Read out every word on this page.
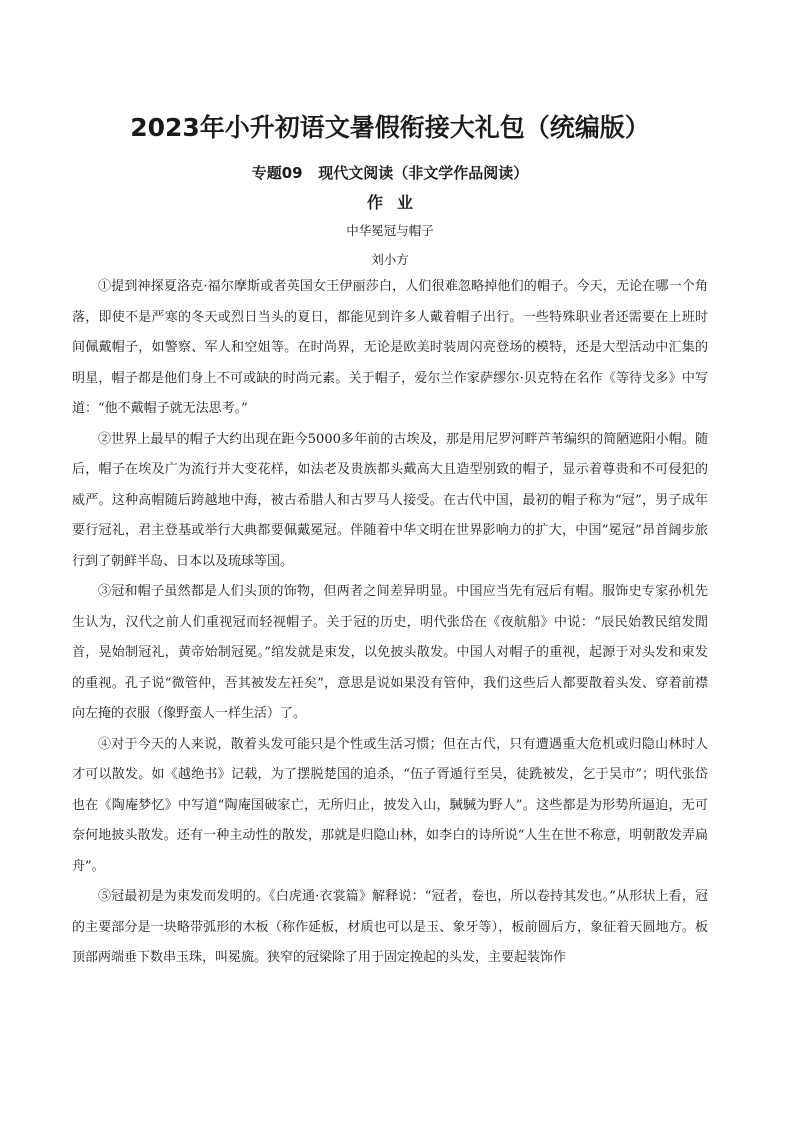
2023年小升初语文暑假衔接大礼包（统编版）
专题09   现代文阅读（非文学作品阅读）
作业
中华冕冠与帽子
刘小方

①提到神探夏洛克·福尔摩斯或者英国女王伊丽莎白，人们很难忽略掉他们的帽子。今天，无论在哪一个角落，即使不是严寒的冬天或烈日当头的夏日，都能见到许多人戴着帽子出行。一些特殊职业者还需要在上班时间佩戴帽子，如警察、军人和空姐等。在时尚界，无论是欧美时装周闪亮登场的模特，还是大型活动中汇集的明星，帽子都是他们身上不可或缺的时尚元素。关于帽子，爱尔兰作家萨缪尔·贝克特在名作《等待戈多》中写道：“他不戴帽子就无法思考。”

②世界上最早的帽子大约出现在距今5000多年前的古埃及，那是用尼罗河畔芦苇编织的简陋遮阳小帽。随后，帽子在埃及广为流行并大变花样，如法老及贵族都头戴高大且造型别致的帽子，显示着尊贵和不可侵犯的威严。这种高帽随后跨越地中海，被古希腊人和古罗马人接受。在古代中国，最初的帽子称为“冠”，男子成年要行冠礼，君主登基或举行大典都要佩戴冕冠。伴随着中华文明在世界影响力的扩大，中国“冕冠”昂首阔步旅行到了朝鲜半岛、日本以及琉球等国。

③冠和帽子虽然都是人们头顶的饰物，但两者之间差异明显。中国应当先有冠后有帽。服饰史专家孙机先生认为，汉代之前人们重视冠而轻视帽子。关于冠的历史，明代张岱在《夜航船》中说：“辰民始教民绾发閒首，晃始制冠礼，黄帝始制冠冕。”绾发就是束发，以免披头散发。中国人对帽子的重视，起源于对头发和束发的重视。孔子说“微管仲，吾其被发左衽矣”，意思是说如果没有管仲，我们这些后人都要散着头发、穿着前襟向左掩的衣服（像野蛮人一样生活）了。

④对于今天的人来说，散着头发可能只是个性或生活习惯；但在古代，只有遭遇重大危机或归隐山林时人才可以散发。如《越绝书》记载，为了摆脱楚国的追杀，“伍子胥遁行至吴，徒跣被发，乞于吴市”；明代张岱也在《陶庵梦忆》中写道“陶庵国破家亡，无所归止，披发入山，駴駴为野人”。这些都是为形势所逼迫，无可奈何地披头散发。还有一种主动性的散发，那就是归隐山林，如李白的诗所说“人生在世不称意，明朝散发弄扁舟”。

⑤冠最初是为束发而发明的。《白虎通·衣裳篇》解释说：“冠者，卷也，所以卷持其发也。”从形状上看，冠的主要部分是一块略带弧形的木板（称作延板，材质也可以是玉、象牙等），板前圆后方，象征着天圆地方。板顶部两端垂下数串玉珠，叫冕旒。狭窄的冠梁除了用于固定挽起的头发，主要起装饰作
